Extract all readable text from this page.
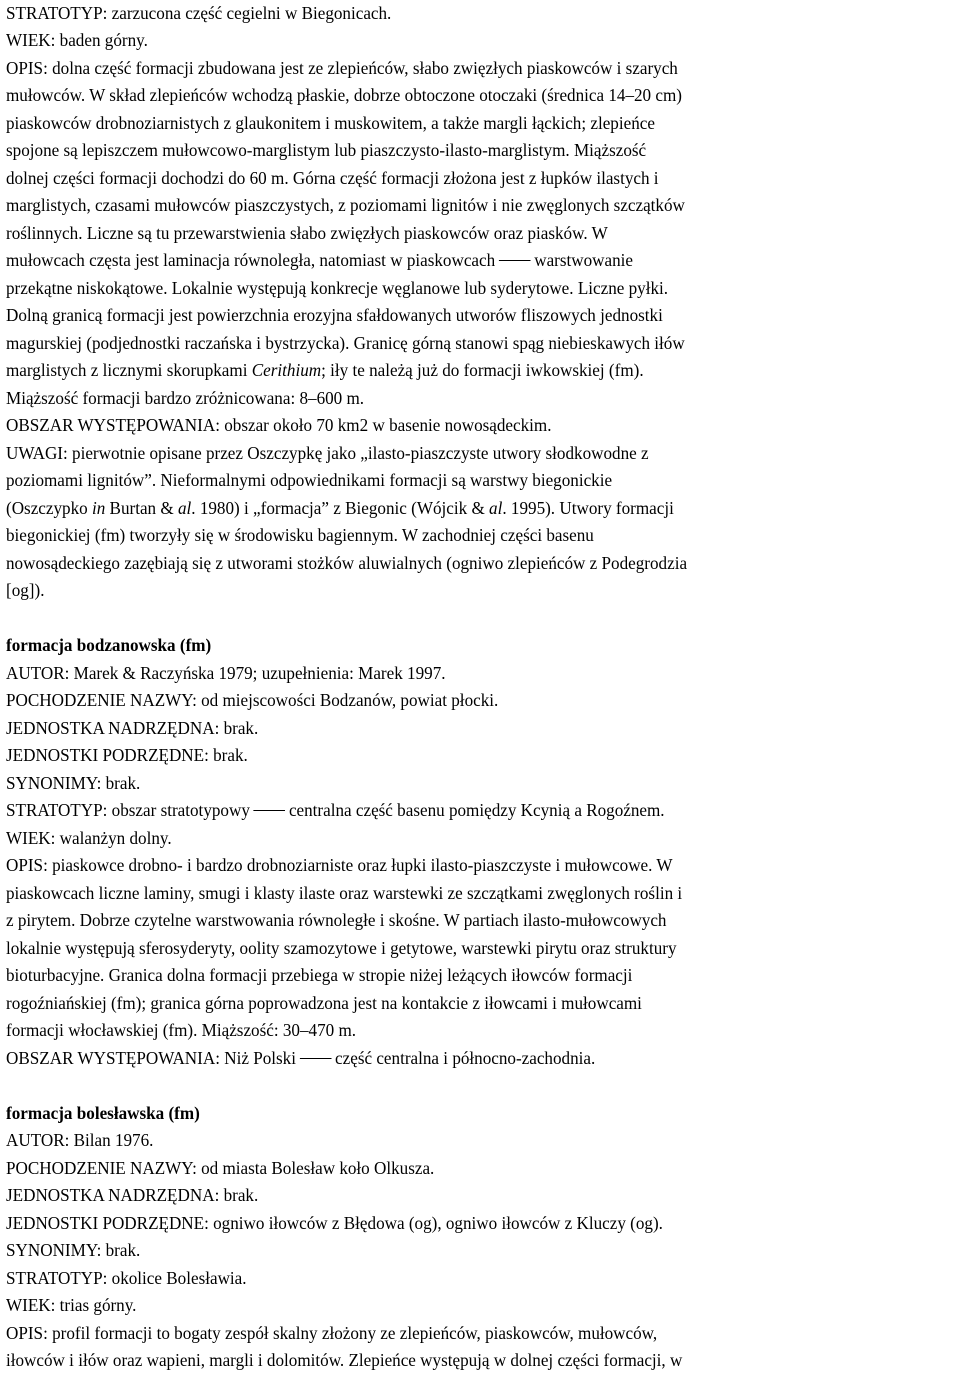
STRATOTYP: zarzucona część cegielni w Biegonicach.
WIEK: baden górny.
OPIS: dolna część formacji zbudowana jest ze zlepieńców, słabo zwięzłych piaskowców i szarych
mułowców. W skład zlepieńców wchodzą płaskie, dobrze obtoczone otoczaki (średnica 14–20 cm)
piaskowców drobnoziarnistych z glaukonitem i muskowitem, a także margli łąckich; zlepieńce
spojone są lepiszczem mułowcowo-marglistym lub piaszczysto-ilasto-marglistym. Miąższość
dolnej części formacji dochodzi do 60 m. Górna część formacji złożona jest z łupków ilastych i
marglistych, czasami mułowców piaszczystych, z poziomami lignitów i nie zwęglonych szczątków
roślinnych. Liczne są tu przewarstwienia słabo zwięzłych piaskowców oraz piasków. W
mułowcach częsta jest laminacja równoległa, natomiast w piaskowcach warstwowanie
przekątne niskokątowe. Lokalnie występują konkrecje węglanowe lub syderytowe. Liczne pyłki.
Dolną granicą formacji jest powierzchnia erozyjna sfałdowanych utworów fliszowych jednostki
magurskiej (podjednostki raczańska i bystrzycka). Granicę górną stanowi spąg niebieskawych iłów
marglistych z licznymi skorupkami Cerithium; iły te należą już do formacji iwkowskiej (fm).
Miąższość formacji bardzo zróżnicowana: 8–600 m.
OBSZAR WYSTĘPOWANIA: obszar około 70 km2 w basenie nowosądeckim.
UWAGI: pierwotnie opisane przez Oszczypkę jako „ilasto-piaszczyste utwory słodkowodne z
poziomami lignitów”. Nieformalnymi odpowiednikami formacji są warstwy biegonickie
(Oszczypko in Burtan & al. 1980) i „formacja” z Biegonic (Wójcik & al. 1995). Utwory formacji
biegonickiej (fm) tworzyły się w środowisku bagiennym. W zachodniej części basenu
nowosądeckiego zazębiają się z utworami stożków aluwialnych (ogniwo zlepieńców z Podegrodzia
[og]).
formacja bodzanowska (fm)
AUTOR: Marek & Raczyńska 1979; uzupełnienia: Marek 1997.
POCHODZENIE NAZWY: od miejscowości Bodzanów, powiat płocki.
JEDNOSTKA NADRZĘDNA: brak.
JEDNOSTKI PODRZĘDNE: brak.
SYNONIMY: brak.
STRATOTYP: obszar stratotypowy centralna część basenu pomiędzy Kcynią a Rogoźnem.
WIEK: walanżyn dolny.
OPIS: piaskowce drobno- i bardzo drobnoziarniste oraz łupki ilasto-piaszczyste i mułowcowe. W
piaskowcach liczne laminy, smugi i klasty ilaste oraz warstewki ze szczątkami zwęglonych roślin i
z pirytem. Dobrze czytelne warstwowania równoległe i skośne. W partiach ilasto-mułowcowych
lokalnie występują sferosyderyty, oolity szamozytowe i getytowe, warstewki pirytu oraz struktury
bioturbacyjne. Granica dolna formacji przebiega w stropie niżej leżących iłowców formacji
rogoźniańskiej (fm); granica górna poprowadzona jest na kontakcie z iłowcami i mułowcami
formacji włocławskiej (fm). Miąższość: 30–470 m.
OBSZAR WYSTĘPOWANIA: Niż Polski część centralna i północno-zachodnia.
formacja bolesławska (fm)
AUTOR: Bilan 1976.
POCHODZENIE NAZWY: od miasta Bolesław koło Olkusza.
JEDNOSTKA NADRZĘDNA: brak.
JEDNOSTKI PODRZĘDNE: ogniwo iłowców z Błędowa (og), ogniwo iłowców z Kluczy (og).
SYNONIMY: brak.
STRATOTYP: okolice Bolesławia.
WIEK: trias górny.
OPIS: profil formacji to bogaty zespół skalny złożony ze zlepieńców, piaskowców, mułowców,
iłowców i iłów oraz wapieni, margli i dolomitów. Zlepieńce występują w dolnej części formacji, w
